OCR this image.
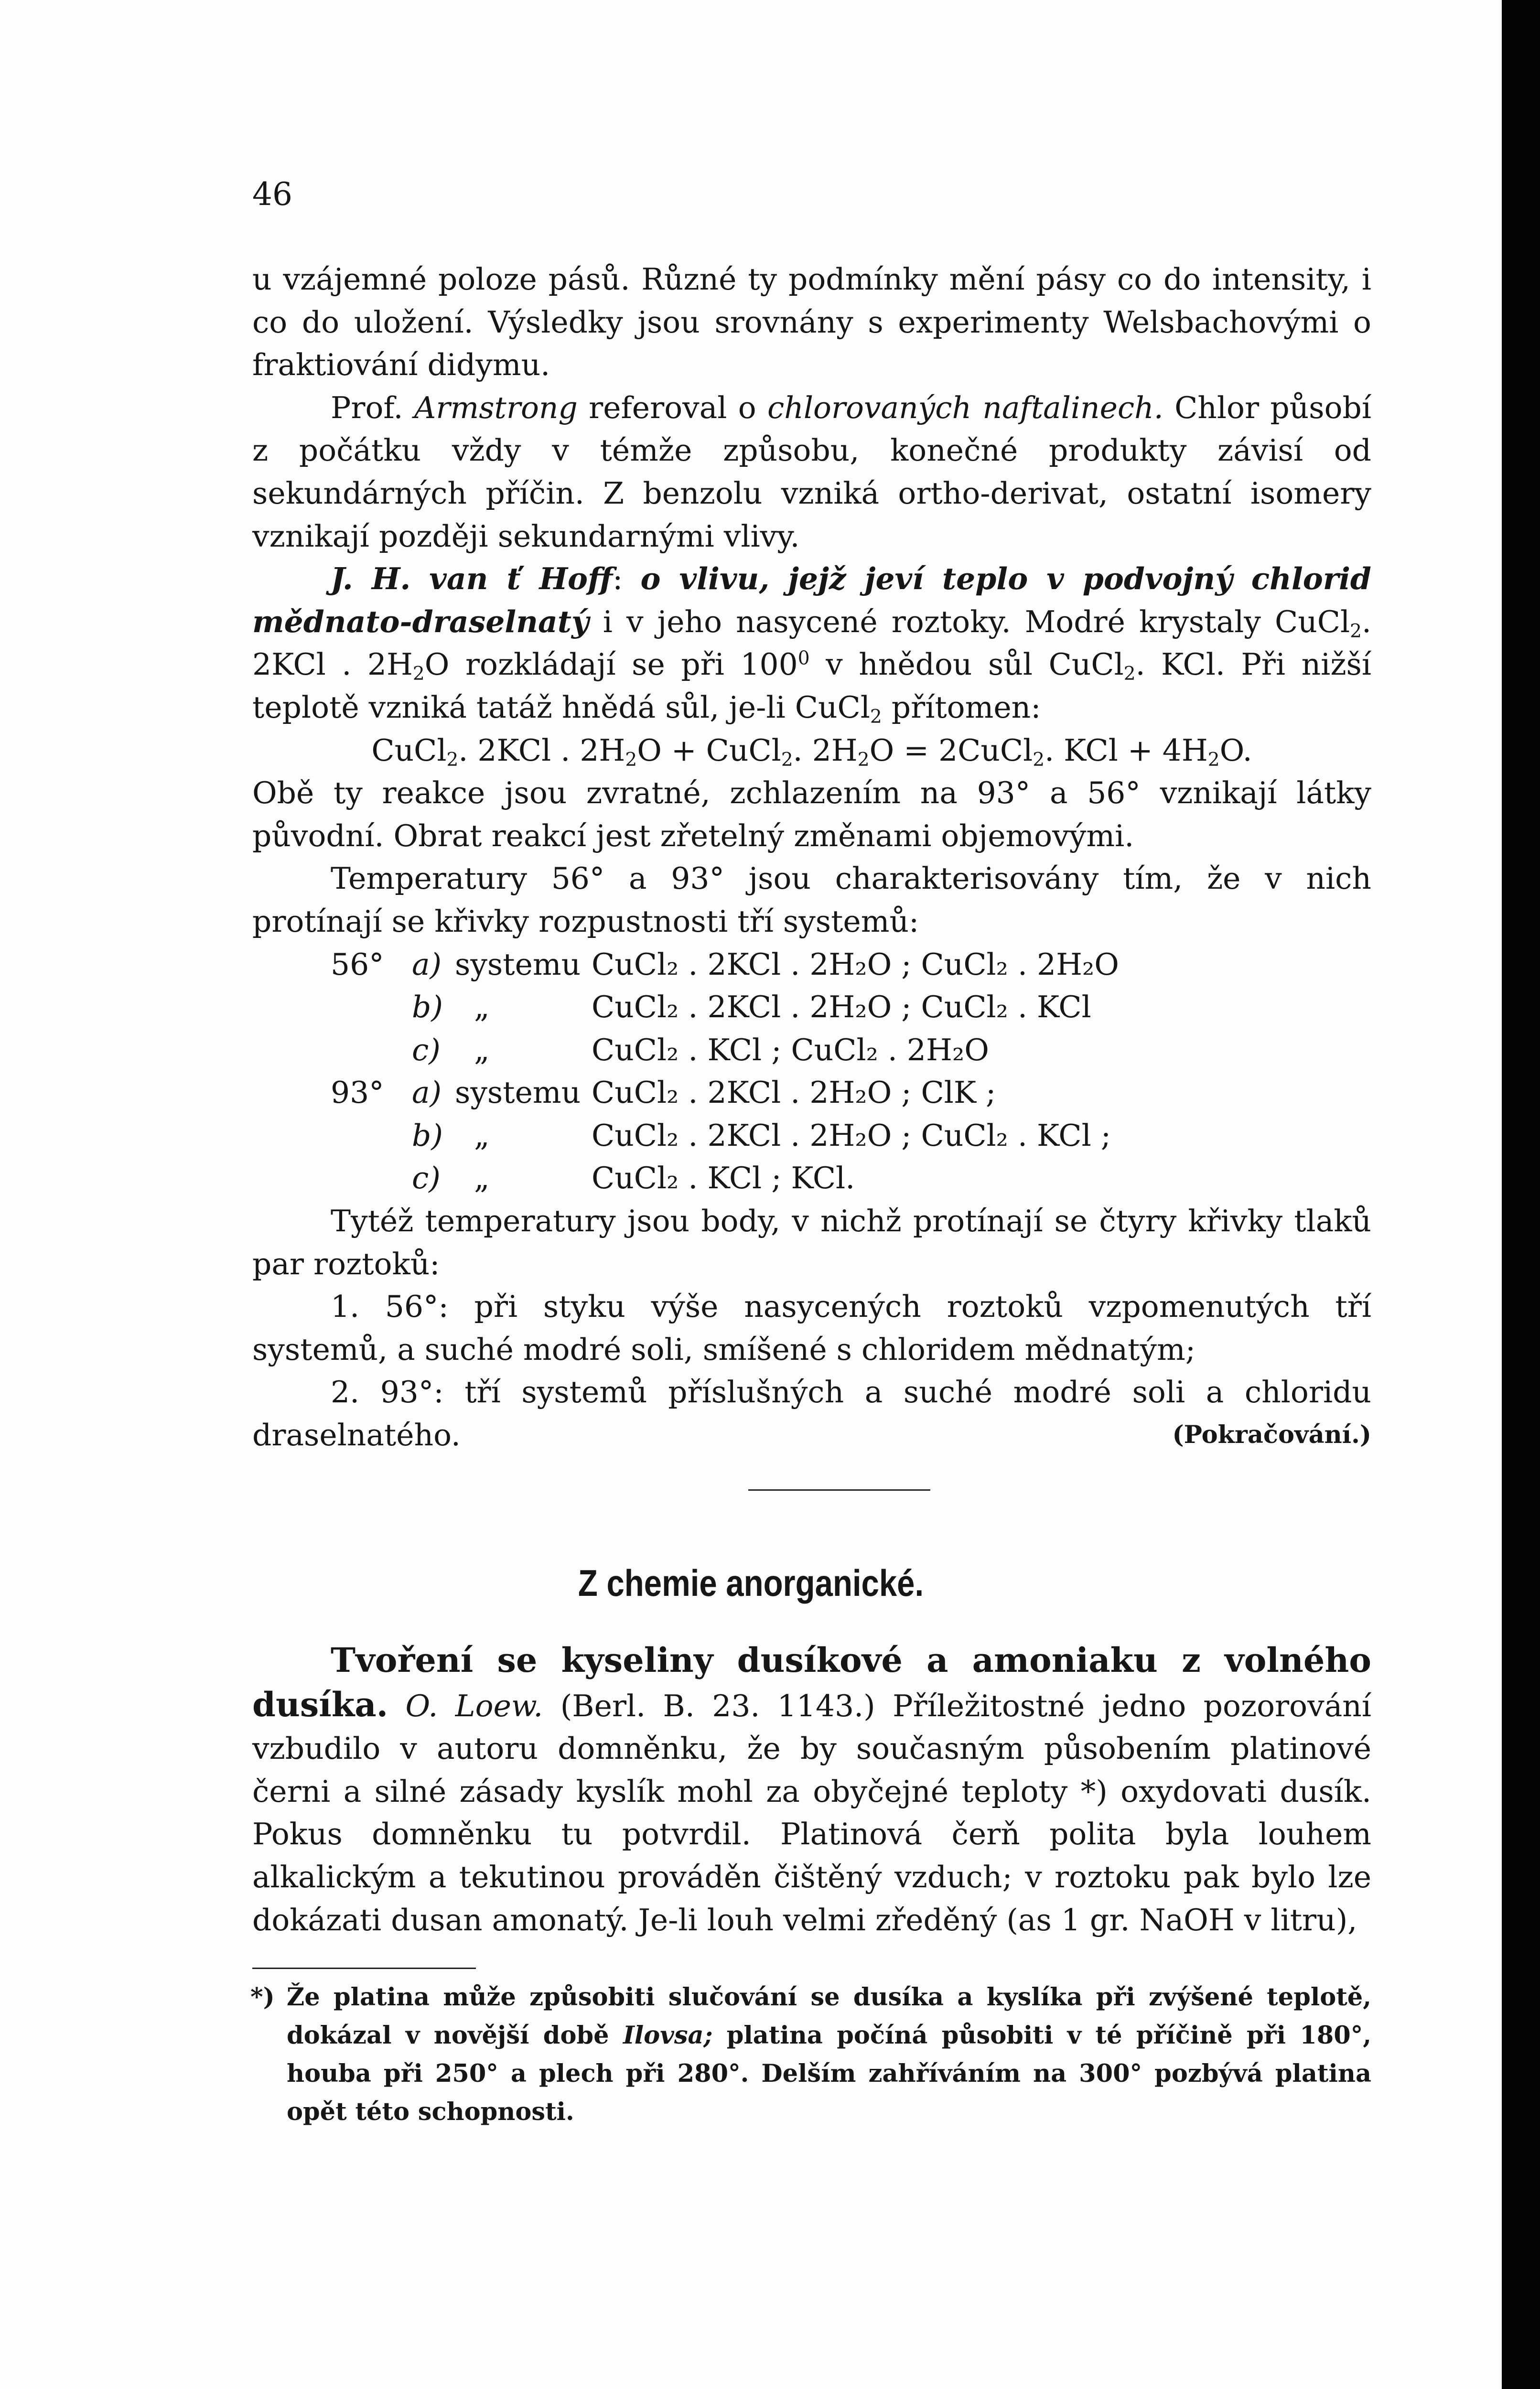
46

u vzájemné poloze pásů. Různé ty podmínky mění pásy co do intensity, i co do uložení. Výsledky jsou srovnány s experimenty Welsbachovými o fraktiování didymu.

Prof. Armstrong referoval o chlorovaných naftalinech. Chlor působí z počátku vždy v témže způsobu, konečné produkty závisí od sekundárných příčin. Z benzolu vzniká ortho-derivat, ostatní isomery vznikají později sekundarnými vlivy.

J. H. van ť Hoff: o vlivu, jejž jeví teplo v podvojný chlorid mědnato-draselnatý i v jeho nasycené roztoky. Modré krystaly CuCl$_2$. 2KCl . $2H_2O$ rozkládají se při $100^0$ v hnědou sůl CuCl$_2$. KCl. Při nižší teplotě vzniká tatáž hnědá sůl, je-li CuCl$_2$ přítomen:

CuCl$_2$. 2KCl . $2H_2O$ + CuCl$_2$. $2H_2O$ = 2CuCl$_2$. KCl + $4H_2O$.

Obě ty reakce jsou zvratné, zchlazením na 93° a 56° vznikají látky původní. Obrat reakcí jest zřetelný změnami objemovými.

Temperatury 56° a 93° jsou charakterisovány tím, že v nich protínají se křivky rozpustnosti tří systemů:

56° a) systemu CuCl₂ . 2KCl . 2H₂O ; CuCl₂ . 2H₂O
b)	„	CuCl₂ . 2KCl . 2H₂O ; CuCl₂ . KCl
c)	„	CuCl₂ . KCl ; CuCl₂ . 2H₂O
93° a) systemu CuCl₂ . 2KCl . 2H₂O ; ClK ;
b)	„	CuCl₂ . 2KCl . 2H₂O ; CuCl₂ . KCl ;
c)	„	CuCl₂ . KCl ; KCl.

Tytéž temperatury jsou body, v nichž protínají se čtyry křivky tlaků par roztoků:

1. 56°: při styku výše nasycených roztoků vzpomenutých tří systemů, a suché modré soli, smíšené s chloridem mědnatým;

2. 93°: tří systemů příslušných a suché modré soli a chloridu draselnatého.	(Pokračování.)

Z chemie anorganické.

Tvoření se kyseliny dusíkové a amoniaku z volného dusíka. O. Loew. (Berl. B. 23. 1143.) Příležitostné jedno pozorování vzbudilo v autoru domněnku, že by současným působením platinové černi a silné zásady kyslík mohl za obyčejné teploty *) oxydovati dusík. Pokus domněnku tu potvrdil. Platinová čerň polita byla louhem alkalickým a tekutinou prováděn čištěný vzduch; v roztoku pak bylo lze dokázati dusan amonatý. Je-li louh velmi zředěný (as 1 gr. NaOH v litru),

*) Že platina může způsobiti slučování se dusíka a kyslíka při zvýšené teplotě, dokázal v novější době Ilovsa; platina počíná působiti v té příčině při 180°, houba při 250° a plech při 280°. Delším zahříváním na 300° pozbývá platina opět této schopnosti.
